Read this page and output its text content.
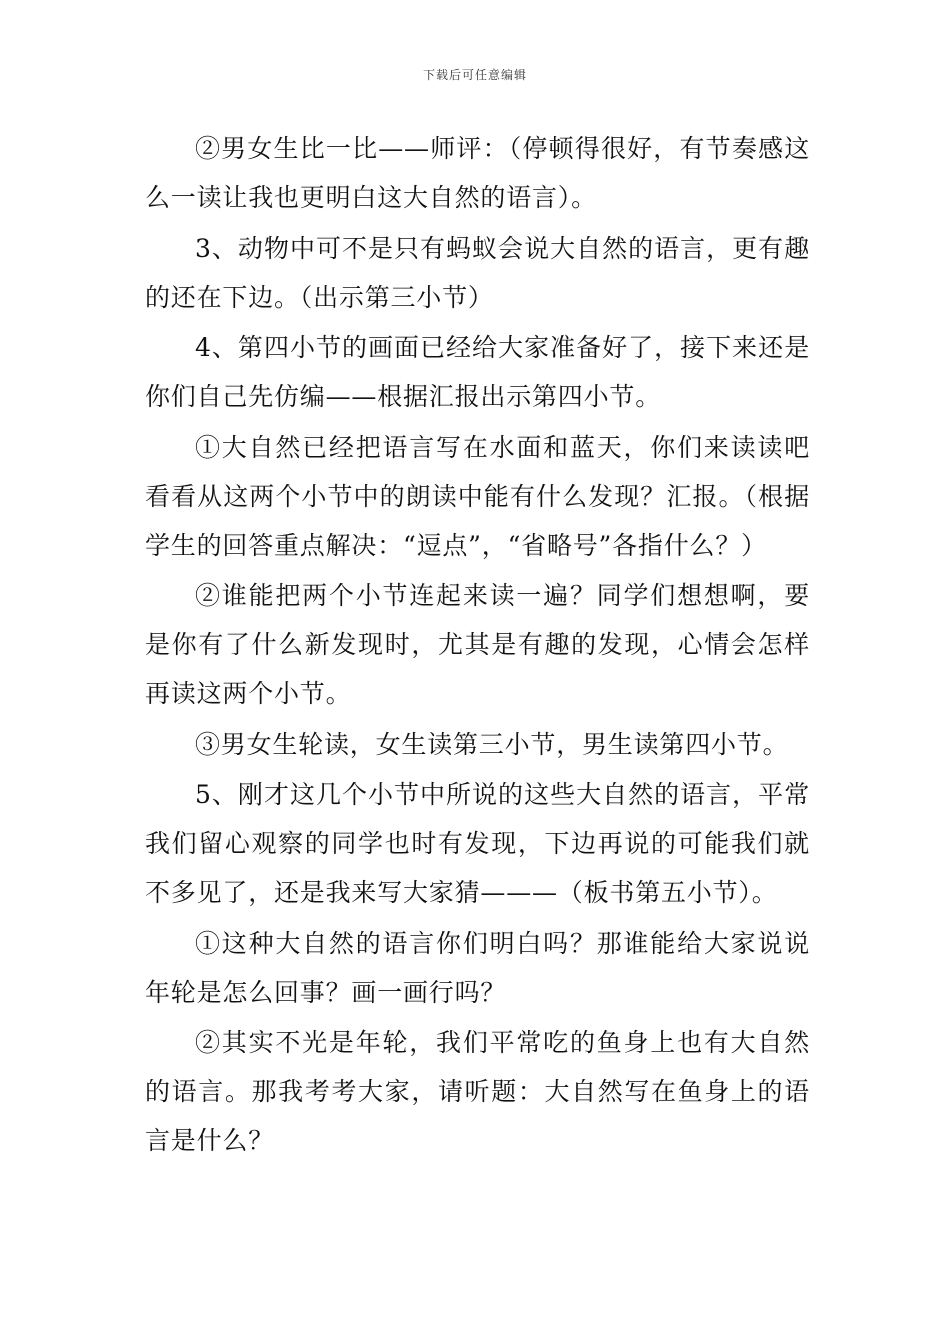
下载后可任意编辑

②男女生比一比——师评：（停顿得很好，有节奏感这么一读让我也更明白这大自然的语言）。

3、动物中可不是只有蚂蚁会说大自然的语言，更有趣的还在下边。（出示第三小节）

4、第四小节的画面已经给大家准备好了，接下来还是你们自己先仿编——根据汇报出示第四小节。

①大自然已经把语言写在水面和蓝天，你们来读读吧看看从这两个小节中的朗读中能有什么发现？汇报。（根据学生的回答重点解决：“逗点”，“省略号”各指什么？）

②谁能把两个小节连起来读一遍？同学们想想啊，要是你有了什么新发现时，尤其是有趣的发现，心情会怎样再读这两个小节。

③男女生轮读，女生读第三小节，男生读第四小节。

5、刚才这几个小节中所说的这些大自然的语言，平常我们留心观察的同学也时有发现，下边再说的可能我们就不多见了，还是我来写大家猜———（板书第五小节）。

①这种大自然的语言你们明白吗？那谁能给大家说说年轮是怎么回事？画一画行吗？

②其实不光是年轮，我们平常吃的鱼身上也有大自然的语言。那我考考大家，请听题：大自然写在鱼身上的语言是什么？
